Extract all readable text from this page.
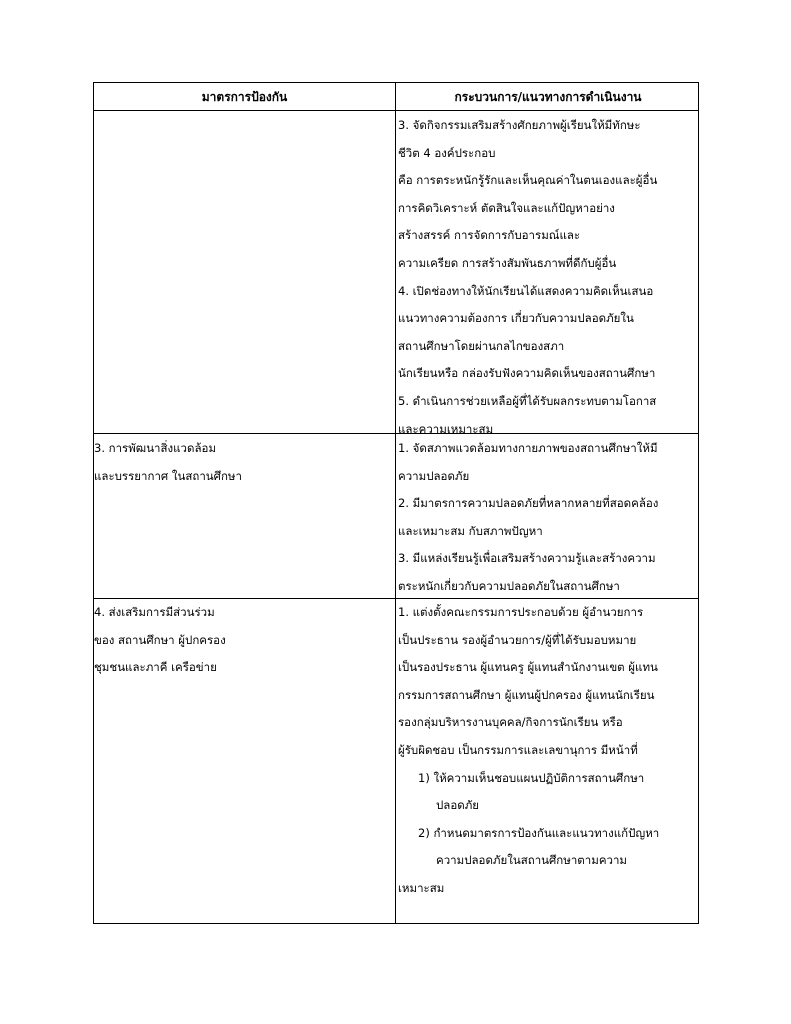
มาตรการป้องกัน	กระบวนการ/แนวทางการดำเนินงาน
3. จัดกิจกรรมเสริมสร้างศักยภาพผู้เรียนให้มีทักษะ
ชีวิต 4 องค์ประกอบ
คือ การตระหนักรู้รักและเห็นคุณค่าในตนเองและผู้อื่น
การคิดวิเคราะห์ ตัดสินใจและแก้ปัญหาอย่าง
สร้างสรรค์ การจัดการกับอารมณ์และ
ความเครียด การสร้างสัมพันธภาพที่ดีกับผู้อื่น
4. เปิดช่องทางให้นักเรียนได้แสดงความคิดเห็นเสนอ
แนวทางความต้องการ เกี่ยวกับความปลอดภัยใน
สถานศึกษาโดยผ่านกลไกของสภา
นักเรียนหรือ กล่องรับฟังความคิดเห็นของสถานศึกษา
5. ดำเนินการช่วยเหลือผู้ที่ได้รับผลกระทบตามโอกาส
และความเหมาะสม
3. การพัฒนาสิ่งแวดล้อม
และบรรยากาศ ในสถานศึกษา
1. จัดสภาพแวดล้อมทางกายภาพของสถานศึกษาให้มี
ความปลอดภัย
2. มีมาตรการความปลอดภัยที่หลากหลายที่สอดคล้อง
และเหมาะสม กับสภาพปัญหา
3. มีแหล่งเรียนรู้เพื่อเสริมสร้างความรู้และสร้างความ
ตระหนักเกี่ยวกับความปลอดภัยในสถานศึกษา
4. ส่งเสริมการมีส่วนร่วม
ของ สถานศึกษา ผู้ปกครอง
ชุมชนและภาคี เครือข่าย
1. แต่งตั้งคณะกรรมการประกอบด้วย ผู้อำนวยการ
เป็นประธาน รองผู้อำนวยการ/ผู้ที่ได้รับมอบหมาย
เป็นรองประธาน ผู้แทนครู ผู้แทนสำนักงานเขต ผู้แทน
กรรมการสถานศึกษา ผู้แทนผู้ปกครอง ผู้แทนนักเรียน
รองกลุ่มบริหารงานบุคคล/กิจการนักเรียน หรือ
ผู้รับผิดชอบ เป็นกรรมการและเลขานุการ มีหน้าที่
1) ให้ความเห็นชอบแผนปฏิบัติการสถานศึกษา
ปลอดภัย
2) กำหนดมาตรการป้องกันและแนวทางแก้ปัญหา
ความปลอดภัยในสถานศึกษาตามความ
เหมาะสม
